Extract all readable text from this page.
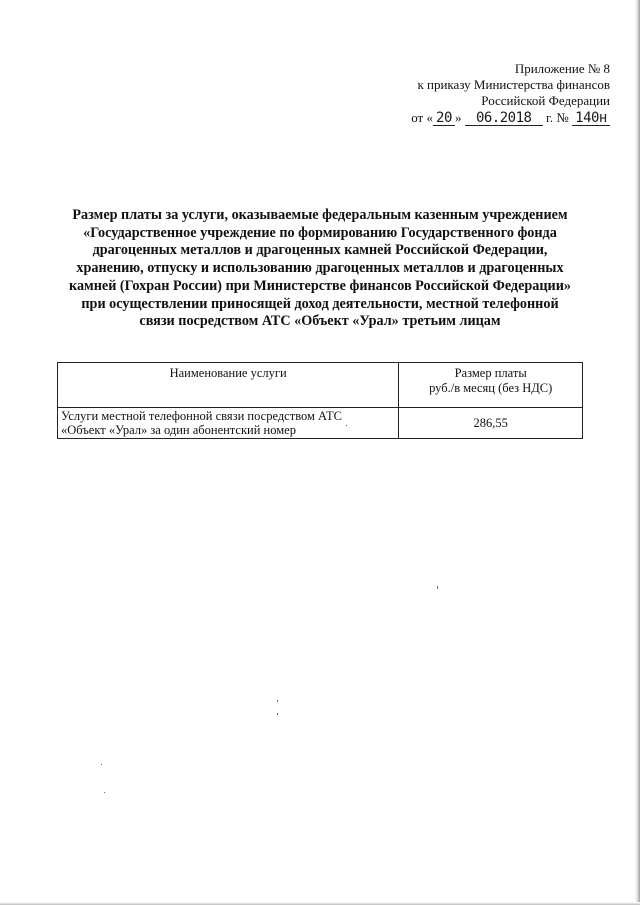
Приложение № 8
к приказу Министерства финансов
Российской Федерации
от « 20 » 06.2018 г. № 140н
Размер платы за услуги, оказываемые федеральным казенным учреждением
«Государственное учреждение по формированию Государственного фонда
драгоценных металлов и драгоценных камней Российской Федерации,
хранению, отпуску и использованию драгоценных металлов и драгоценных
камней (Гохран России) при Министерстве финансов Российской Федерации»
при осуществлении приносящей доход деятельности, местной телефонной
связи посредством АТС «Объект «Урал» третьим лицам
Наименование услуги	Размер платы
руб./в месяц (без НДС)
Услуги местной телефонной связи посредством АТС
«Объект «Урал» за один абонентский номер	286,55
